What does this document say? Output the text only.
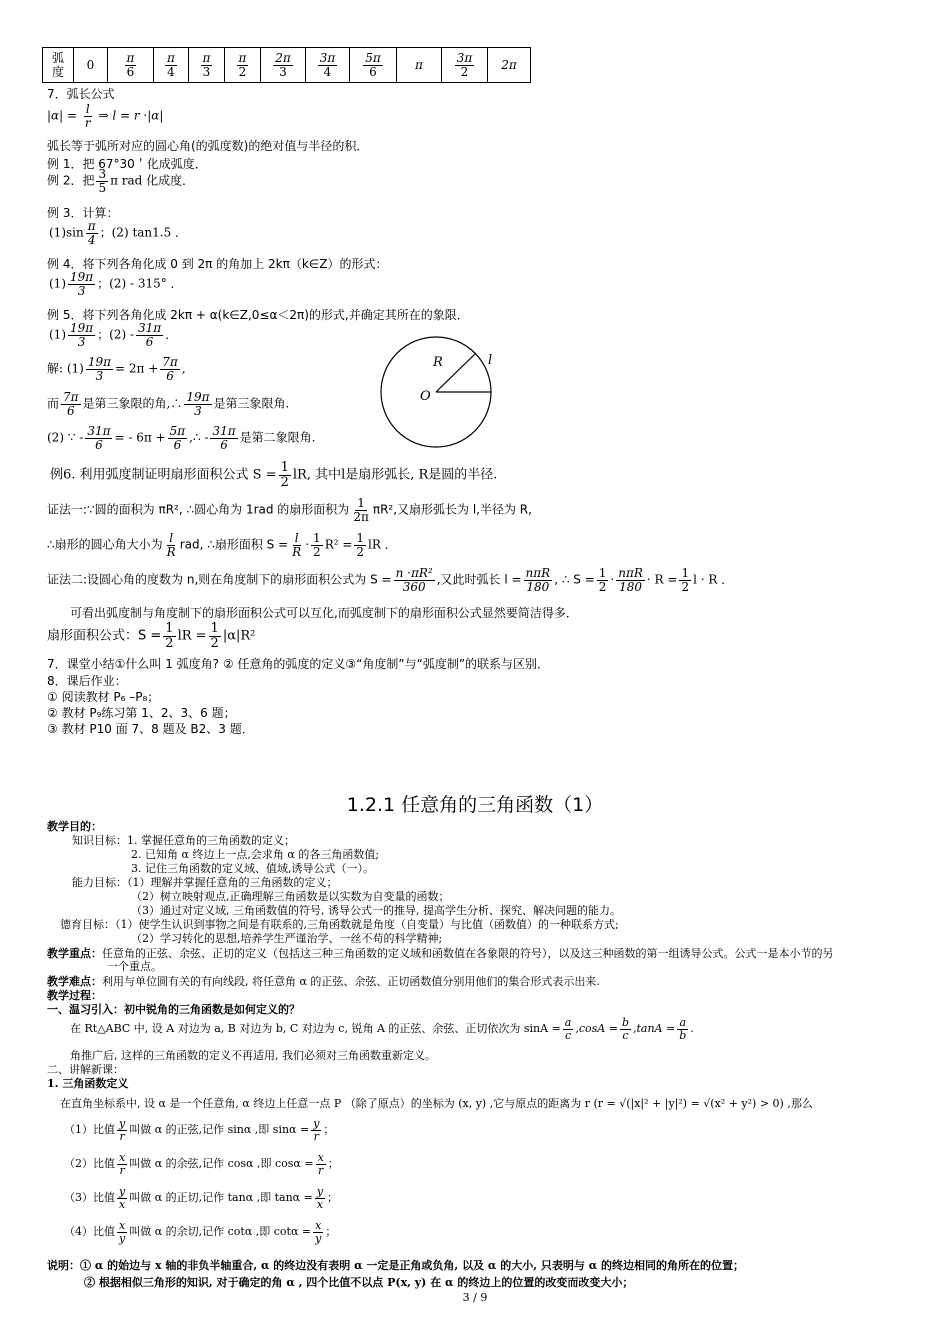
弧度	0	$\frac{\pi}{6}$	$\frac{\pi}{4}$	$\frac{\pi}{3}$	$\frac{\pi}{2}$	$\frac{2\pi}{3}$	$\frac{3\pi}{4}$	$\frac{5\pi}{6}$	π	$\frac{3\pi}{2}$	2π
7．弧长公式
$|\alpha| = \frac{l}{r}$ ⇒ l = r ·|α|
弧长等于弧所对应的圆心角(的弧度数)的绝对值与半径的积．
例 1．把 67°30＇化成弧度．
例 2．把 $\frac{3}{5}$ π rad 化成度．
例 3．计算：
$(1)\sin \frac{\pi}{4}$ ；(2) tan1.5 ．
例 4．将下列各角化成 0 到 2π 的角加上 2kπ（k∈Z）的形式：
$(1) \frac{19\pi}{3}$ ；(2) - 315° ．
例 5．将下列各角化成 2kπ + α(k∈Z,0≤α＜2π)的形式,并确定其所在的象限．
$(1) \frac{19\pi}{3}$ ；$(2) - \frac{31\pi}{6}$ ．
解: $(1) \frac{19\pi}{3} = 2\pi + \frac{7\pi}{6}$ ,
而 $\frac{7\pi}{6}$ 是第三象限的角,∴ $\frac{19\pi}{3}$ 是第三象限角.
(2) ∵ - $\frac{31\pi}{6}$ = - $6\pi + \frac{5\pi}{6}$ ,∴ - $\frac{31\pi}{6}$ 是第二象限角.
R	l
O
例6. 利用弧度制证明扇形面积公式 $S = \frac{1}{2}$ lR, 其中l是扇形弧长, R是圆的半径.
证法一:∵圆的面积为 πR², ∴圆心角为 1rad 的扇形面积为 $\frac{1}{2\pi} \pi R^2$,又扇形弧长为 l,半径为 R,
∴扇形的圆心角大小为 $\frac{l}{R}$ rad, ∴扇形面积 $S = \frac{l}{R} \cdot \frac{1}{2} R^2 = \frac{1}{2}$ lR ．
证法二:设圆心角的度数为 n,则在角度制下的扇形面积公式为 $S = \frac{\text{n ·πR²}}{360}$ ,又此时弧长 $l = \frac{\text{nπR}}{180}$ , ∴ $S = \frac{1}{2} \cdot \frac{\text{nπR}}{180} \cdot R = \frac{1}{2}$ l · R ．
可看出弧度制与角度制下的扇形面积公式可以互化,而弧度制下的扇形面积公式显然要简洁得多．
扇形面积公式：$S = \frac{1}{2}$ lR = $\frac{1}{2} |\alpha|R^2$
7．课堂小结①什么叫 1 弧度角? ② 任意角的弧度的定义③“角度制”与“弧度制”的联系与区别．
8．课后作业：
① 阅读教材 P₆ –P₈；
② 教材 P₉练习第 1、2、3、6 题；
③ 教材 P10 面 7、8 题及 B2、3 题．
1.2.1 任意角的三角函数（1）
教学目的：
知识目标：1. 掌握任意角的三角函数的定义；
2. 已知角 α 终边上一点,会求角 α 的各三角函数值;
3. 记住三角函数的定义域、值域,诱导公式（一）。
能力目标：（1）理解并掌握任意角的三角函数的定义；
（2）树立映射观点,正确理解三角函数是以实数为自变量的函数；
（3）通过对定义域, 三角函数值的符号, 诱导公式一的推导, 提高学生分析、探究、解决问题的能力。
德育目标：（1）使学生认识到事物之间是有联系的,三角函数就是角度（自变量）与比值（函数值）的一种联系方式;
（2）学习转化的思想,培养学生严谨治学、一丝不苟的科学精神;
教学重点：任意角的正弦、余弦、正切的定义（包括这三种三角函数的定义域和函数值在各象限的符号），以及这三种函数的第一组诱导公式。公式一是本小节的另
一个重点。
教学难点：利用与单位圆有关的有向线段, 将任意角 α 的正弦、余弦、正切函数值分别用他们的集合形式表示出来.
教学过程：
一、温习引入：初中锐角的三角函数是如何定义的？
在 Rt△ABC 中, 设 A 对边为 a, B 对边为 b, C 对边为 c, 锐角 A 的正弦、余弦、正切依次为 $\sin A = \frac{a}{c} ,\cos A = \frac{b}{c} ,\tan A = \frac{a}{b}$ .
角推广后, 这样的三角函数的定义不再适用, 我们必须对三角函数重新定义。
二、讲解新课：
1. 三角函数定义
在直角坐标系中, 设 α 是一个任意角, α 终边上任意一点 P （除了原点）的坐标为 (x, y) ,它与原点的距离为 r (r = √(|x|² + |y|²) = √(x² + y²) > 0) ,那么
（1）比值 $\frac{y}{r}$ 叫做 α 的正弦,记作 sinα ,即 $\sin\alpha = \frac{y}{r}$ ；
（2）比值 $\frac{x}{r}$ 叫做 α 的余弦,记作 cosα ,即 $\cos\alpha = \frac{x}{r}$ ；
（3）比值 $\frac{y}{x}$ 叫做 α 的正切,记作 tanα ,即 $\tan\alpha = \frac{y}{x}$ ；
（4）比值 $\frac{x}{y}$ 叫做 α 的余切,记作 cotα ,即 $\cot\alpha = \frac{x}{y}$ ；
说明：① α 的始边与 x 轴的非负半轴重合, α 的终边没有表明 α 一定是正角或负角, 以及 α 的大小, 只表明与 α 的终边相同的角所在的位置；
② 根据相似三角形的知识, 对于确定的角 α , 四个比值不以点 P(x, y) 在 α 的终边上的位置的改变而改变大小；
3 / 9
